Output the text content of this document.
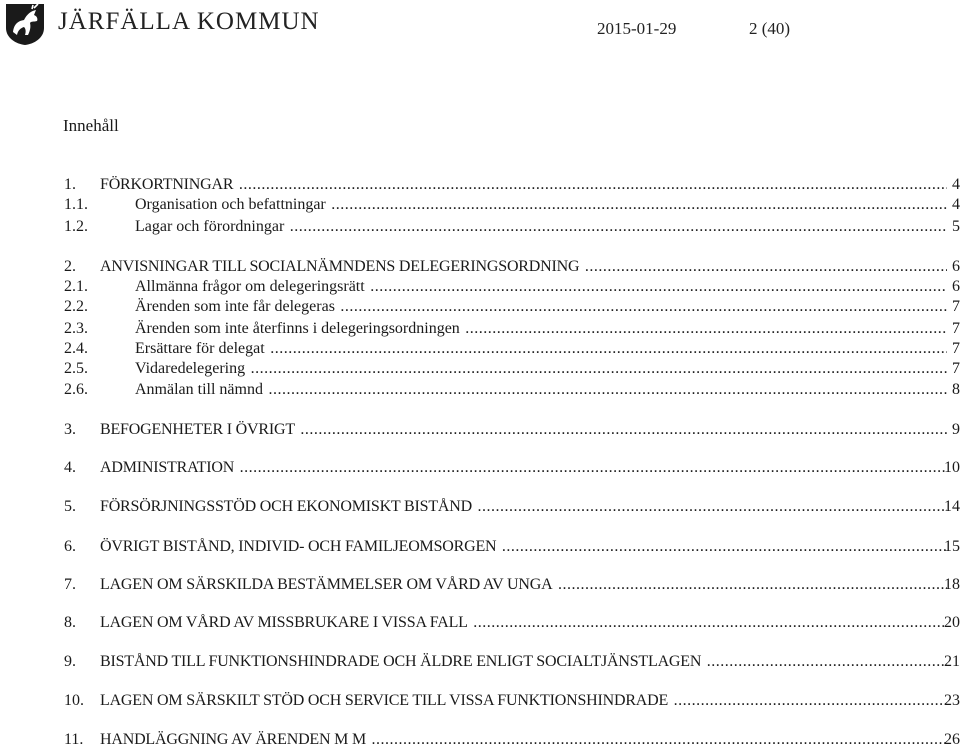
JÄRFÄLLA KOMMUN	2015-01-29	2 (40)
Innehåll
1. FÖRKORTNINGAR .....	4
1.1.	Organisation och befattningar .....	4
1.2.	Lagar och förordningar .....	5
2. ANVISNINGAR TILL SOCIALNÄMNDENS DELEGERINGSORDNING .....	6
2.1.	Allmänna frågor om delegeringsrätt .....	6
2.2.	Ärenden som inte får delegeras .....	7
2.3.	Ärenden som inte återfinns i delegeringsordningen .....	7
2.4.	Ersättare för delegat .....	7
2.5.	Vidaredelegering .....	7
2.6.	Anmälan till nämnd .....	8
3. BEFOGENHETER I ÖVRIGT .....	9
4. ADMINISTRATION .....	10
5. FÖRSÖRJNINGSSTÖD OCH EKONOMISKT BISTÅND .....	14
6. ÖVRIGT BISTÅND, INDIVID- OCH FAMILJEOMSORGEN .....	15
7. LAGEN OM SÄRSKILDA BESTÄMMELSER OM VÅRD AV UNGA .....	18
8. LAGEN OM VÅRD AV MISSBRUKARE I VISSA FALL .....	20
9. BISTÅND TILL FUNKTIONSHINDRADE OCH ÄLDRE ENLIGT SOCIALTJÄNSTLAGEN .....	21
10. LAGEN OM SÄRSKILT STÖD OCH SERVICE TILL VISSA FUNKTIONSHINDRADE .....	23
11. HANDLÄGGNING AV ÄRENDEN M M .....	26
